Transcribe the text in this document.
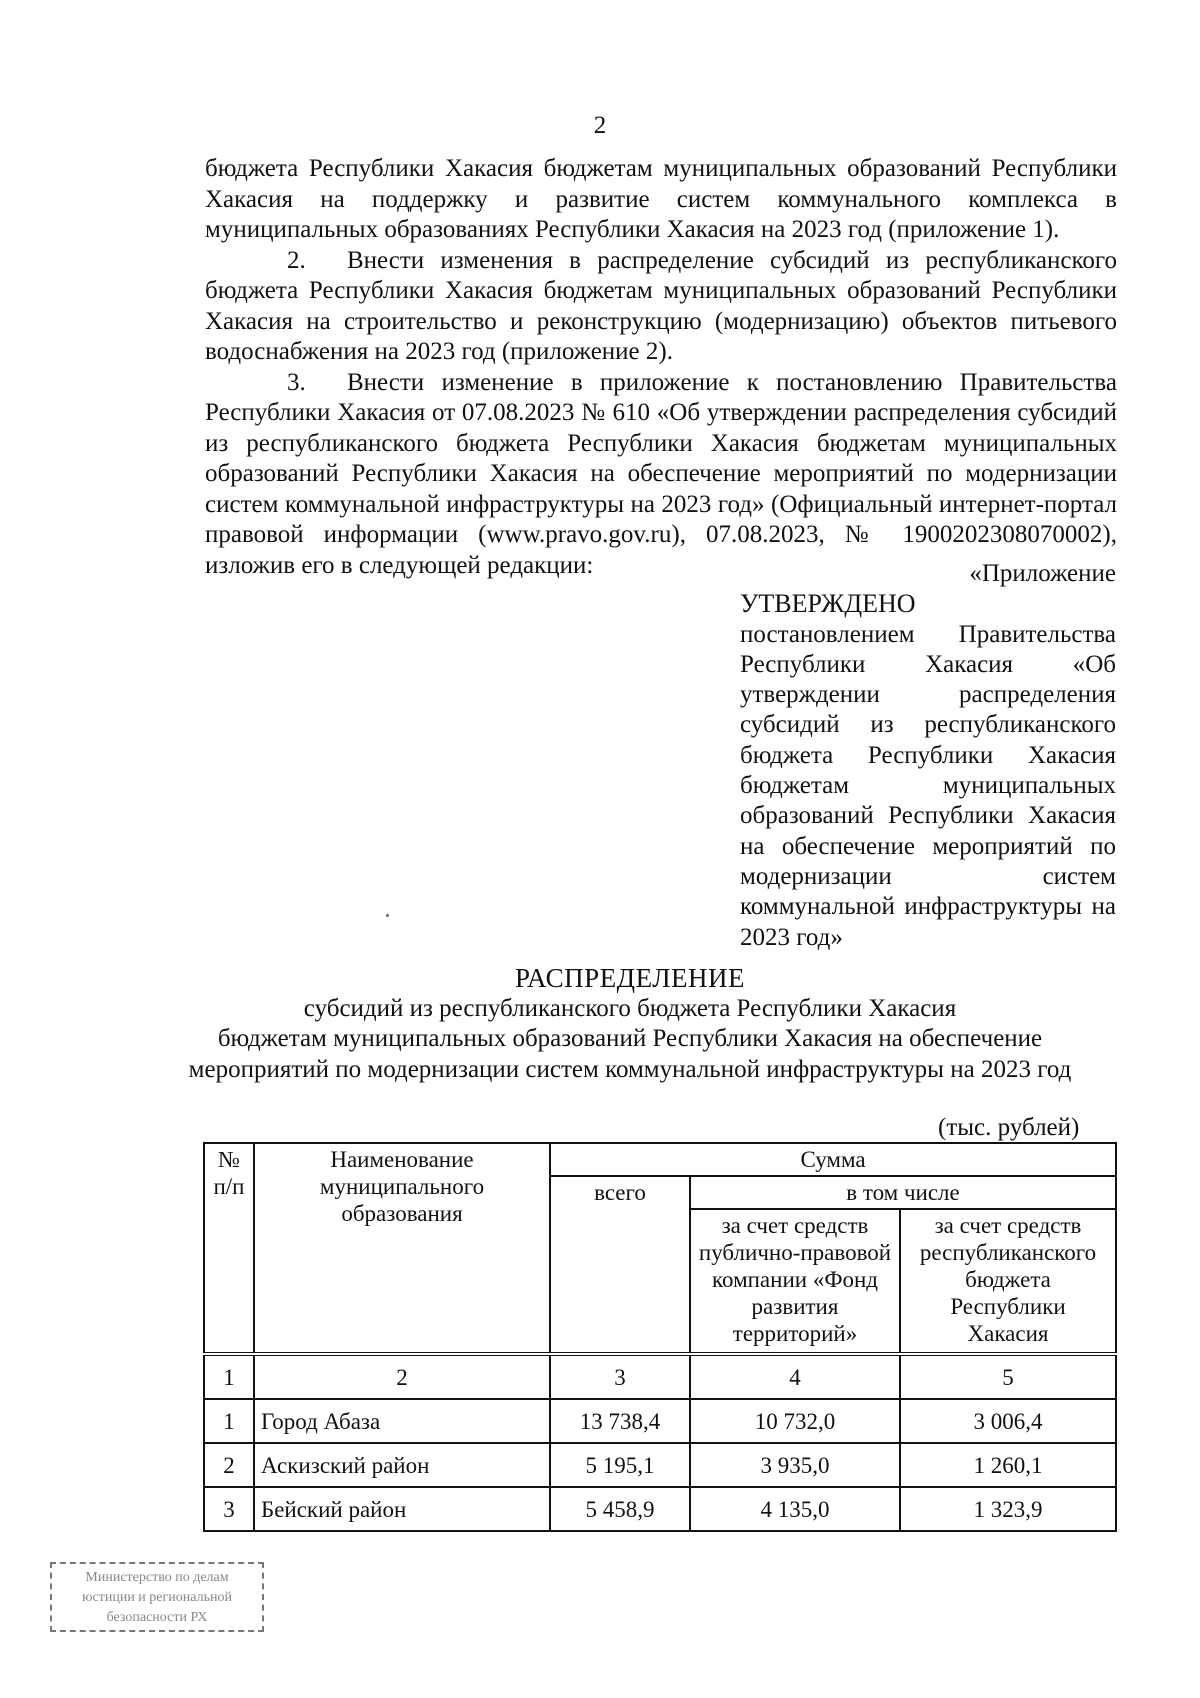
2

бюджета Республики Хакасия бюджетам муниципальных образований Республики Хакасия на поддержку и развитие систем коммунального комплекса в муниципальных образованиях Республики Хакасия на 2023 год (приложение 1).

2. Внести изменения в распределение субсидий из республиканского бюджета Республики Хакасия бюджетам муниципальных образований Республики Хакасия на строительство и реконструкцию (модернизацию) объектов питьевого водоснабжения на 2023 год (приложение 2).

3. Внести изменение в приложение к постановлению Правительства Республики Хакасия от 07.08.2023 № 610 «Об утверждении распределения субсидий из республиканского бюджета Республики Хакасия бюджетам муниципальных образований Республики Хакасия на обеспечение мероприятий по модернизации систем коммунальной инфраструктуры на 2023 год» (Официальный интернет-портал правовой информации (www.pravo.gov.ru), 07.08.2023, № 1900202308070002), изложив его в следующей редакции:	«Приложение
УТВЕРЖДЕНО

постановлением Правительства Республики Хакасия «Об утверждении распределения субсидий из республиканского бюджета Республики Хакасия бюджетам муниципальных образований Республики Хакасия на обеспечение мероприятий по модернизации систем коммунальной инфраструктуры на 2023 год»

РАСПРЕДЕЛЕНИЕ
субсидий из республиканского бюджета Республики Хакасия
бюджетам муниципальных образований Республики Хакасия на обеспечение
мероприятий по модернизации систем коммунальной инфраструктуры на 2023 год
(тыс. рублей)
№ п/п	Наименование муниципального образования	Сумма		
		всего	в том числе	
			за счет средств публично-правовой компании «Фонд развития территорий»	за счет средств республиканского бюджета Республики Хакасия
1	2	3	4	5
1	Город Абаза	13 738,4	10 732,0	3 006,4
2	Аскизский район	5 195,1	3 935,0	1 260,1
3	Бейский район	5 458,9	4 135,0	1 323,9
Министерство по делам
юстиции и региональной
безопасности РХ
